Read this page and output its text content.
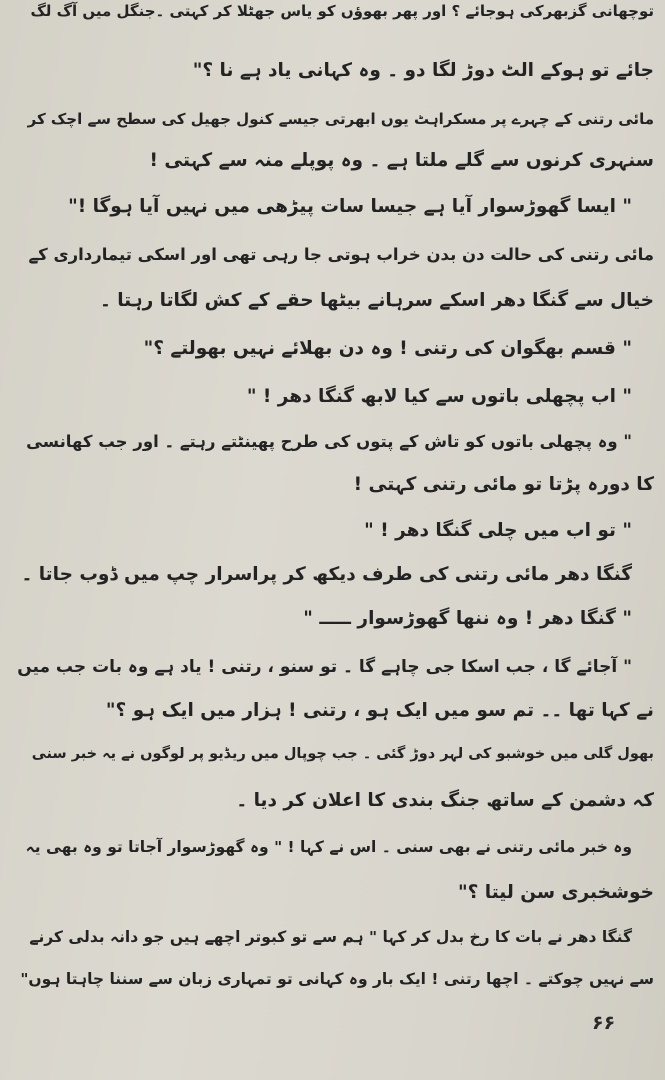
توچھانی گزبھرکی ہوجائے ؟ اور پھر بھوؤں کو یاس جھٹلا کر کہتی ۔جنگل میں آگ لگ
جائے تو ہوکے الٹ دوڑ لگا دو ۔ وہ کہانی یاد ہے نا ؟"
مائی رتنی کے چہرے پر مسکراہٹ یوں ابھرتی جیسے کنول جھیل کی سطح سے اچک کر
سنہری کرنوں سے گلے ملتا ہے ۔ وہ پوپلے منہ سے کہتی !
" ایسا گھوڑسوار آیا ہے جیسا سات پیڑھی میں نہیں آیا ہوگا !"
مائی رتنی کی حالت دن بدن خراب ہوتی جا رہی تھی اور اسکی تیمارداری کے
خیال سے گنگا دھر اسکے سرہانے بیٹھا حقے کے کش لگاتا رہتا ۔
" قسم بھگوان کی رتنی ! وہ دن بھلائے نہیں بھولتے ؟"
" اب پچھلی باتوں سے کیا لابھ گنگا دھر ! "
" وہ پچھلی باتوں کو تاش کے پتوں کی طرح پھینٹتے رہتے ۔ اور جب کھانسی
کا دورہ پڑتا تو مائی رتنی کہتی !
" تو اب میں چلی گنگا دھر ! "
گنگا دھر مائی رتنی کی طرف دیکھ کر پراسرار چپ میں ڈوب جاتا ۔
" گنگا دھر ! وہ ننھا گھوڑسوار ـــــ "
" آجائے گا ، جب اسکا جی چاہے گا ۔ تو سنو ، رتنی ! یاد ہے وہ بات جب میں
نے کہا تھا ۔۔ تم سو میں ایک ہو ، رتنی ! ہزار میں ایک ہو ؟"
بھول گلی میں خوشبو کی لہر دوڑ گئی ۔ جب چوپال میں ریڈیو پر لوگوں نے یہ خبر سنی
کہ دشمن کے ساتھ جنگ بندی کا اعلان کر دیا ۔
وہ خبر مائی رتنی نے بھی سنی ۔ اس نے کہا ! " وہ گھوڑسوار آجاتا تو وہ بھی یہ
خوشخبری سن لیتا ؟"
گنگا دھر نے بات کا رخ بدل کر کہا " ہم سے تو کبوتر اچھے ہیں جو دانہ بدلی کرنے
سے نہیں چوکتے ۔ اچھا رتنی ! ایک بار وہ کہانی تو تمہاری زبان سے سننا چاہتا ہوں"
۶۶
